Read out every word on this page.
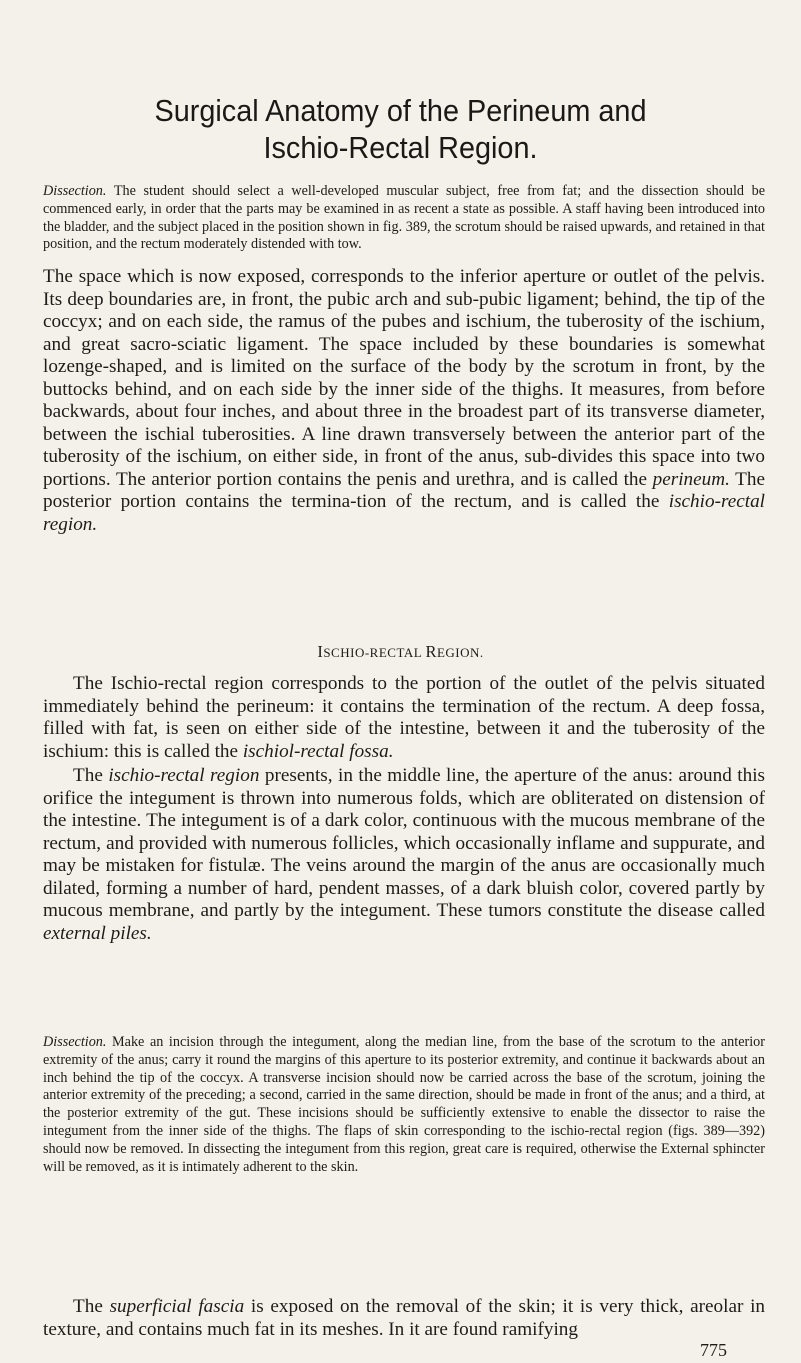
Surgical Anatomy of the Perineum and
Ischio-Rectal Region.

Dissection. The student should select a well-developed muscular subject, free from fat; and the dissection should be commenced early, in order that the parts may be examined in as recent a state as possible. A staff having been introduced into the bladder, and the subject placed in the position shown in fig. 389, the scrotum should be raised upwards, and retained in that position, and the rectum moderately distended with tow.

The space which is now exposed, corresponds to the inferior aperture or outlet of the pelvis. Its deep boundaries are, in front, the pubic arch and sub-pubic ligament; behind, the tip of the coccyx; and on each side, the ramus of the pubes and ischium, the tuberosity of the ischium, and great sacro-sciatic ligament. The space included by these boundaries is somewhat lozenge-shaped, and is limited on the surface of the body by the scrotum in front, by the buttocks behind, and on each side by the inner side of the thighs. It measures, from before backwards, about four inches, and about three in the broadest part of its transverse diameter, between the ischial tuberosities. A line drawn transversely between the anterior part of the tuberosity of the ischium, on either side, in front of the anus, sub-divides this space into two portions. The anterior portion contains the penis and urethra, and is called the perineum. The posterior portion contains the termina-tion of the rectum, and is called the ischio-rectal region.

ISCHIO-RECTAL REGION.

The Ischio-rectal region corresponds to the portion of the outlet of the pelvis situated immediately behind the perineum: it contains the termination of the rectum. A deep fossa, filled with fat, is seen on either side of the intestine, between it and the tuberosity of the ischium: this is called the ischiol-rectal fossa.

The ischio-rectal region presents, in the middle line, the aperture of the anus: around this orifice the integument is thrown into numerous folds, which are obliterated on distension of the intestine. The integument is of a dark color, continuous with the mucous membrane of the rectum, and provided with numerous follicles, which occasionally inflame and suppurate, and may be mistaken for fistulæ. The veins around the margin of the anus are occasionally much dilated, forming a number of hard, pendent masses, of a dark bluish color, covered partly by mucous membrane, and partly by the integument. These tumors constitute the disease called external piles.

Dissection. Make an incision through the integument, along the median line, from the base of the scrotum to the anterior extremity of the anus; carry it round the margins of this aperture to its posterior extremity, and continue it backwards about an inch behind the tip of the coccyx. A transverse incision should now be carried across the base of the scrotum, joining the anterior extremity of the preceding; a second, carried in the same direction, should be made in front of the anus; and a third, at the posterior extremity of the gut. These incisions should be sufficiently extensive to enable the dissector to raise the integument from the inner side of the thighs. The flaps of skin corresponding to the ischio-rectal region (figs. 389—392) should now be removed. In dissecting the integument from this region, great care is required, otherwise the External sphincter will be removed, as it is intimately adherent to the skin.

The superficial fascia is exposed on the removal of the skin; it is very thick, areolar in texture, and contains much fat in its meshes. In it are found ramifying

775
